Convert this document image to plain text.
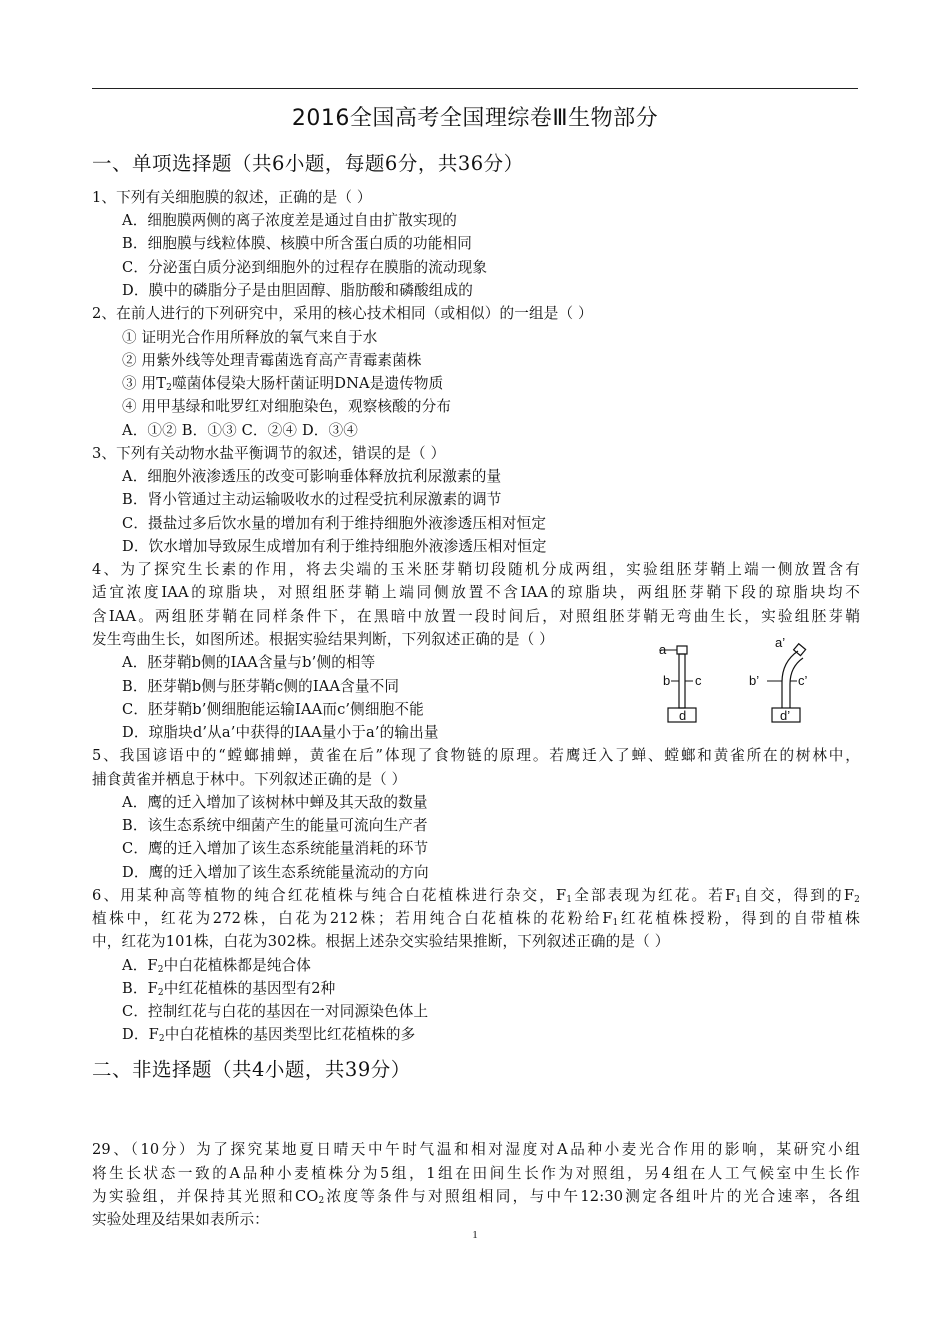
2016全国高考全国理综卷Ⅲ生物部分
一、单项选择题（共6小题，每题6分，共36分）
1、下列有关细胞膜的叙述，正确的是（ ）
A．细胞膜两侧的离子浓度差是通过自由扩散实现的
B．细胞膜与线粒体膜、核膜中所含蛋白质的功能相同
C．分泌蛋白质分泌到细胞外的过程存在膜脂的流动现象
D．膜中的磷脂分子是由胆固醇、脂肪酸和磷酸组成的
2、在前人进行的下列研究中，采用的核心技术相同（或相似）的一组是（ ）
① 证明光合作用所释放的氧气来自于水
② 用紫外线等处理青霉菌选育高产青霉素菌株
③ 用$T_2$噬菌体侵染大肠杆菌证明DNA是遗传物质
④ 用甲基绿和吡罗红对细胞染色，观察核酸的分布
A．①② B．①③ C．②④ D．③④
3、下列有关动物水盐平衡调节的叙述，错误的是（ ）
A．细胞外液渗透压的改变可影响垂体释放抗利尿激素的量
B．肾小管通过主动运输吸收水的过程受抗利尿激素的调节
C．摄盐过多后饮水量的增加有利于维持细胞外液渗透压相对恒定
D．饮水增加导致尿生成增加有利于维持细胞外液渗透压相对恒定
4、为了探究生长素的作用，将去尖端的玉米胚芽鞘切段随机分成两组，实验组胚芽鞘上端一侧放置含有
适宜浓度IAA的琼脂块，对照组胚芽鞘上端同侧放置不含IAA的琼脂块，两组胚芽鞘下段的琼脂块均不
含IAA。两组胚芽鞘在同样条件下，在黑暗中放置一段时间后，对照组胚芽鞘无弯曲生长，实验组胚芽鞘
发生弯曲生长，如图所述。根据实验结果判断，下列叙述正确的是（ ）
A．胚芽鞘b侧的IAA含量与b’侧的相等
B．胚芽鞘b侧与胚芽鞘c侧的IAA含量不同
C．胚芽鞘b’侧细胞能运输IAA而c’侧细胞不能
D．琼脂块d’从a’中获得的IAA量小于a’的输出量
a
b c
d
a’
b’	c’
d’
5、我国谚语中的“螳螂捕蝉，黄雀在后”体现了食物链的原理。若鹰迁入了蝉、螳螂和黄雀所在的树林中，
捕食黄雀并栖息于林中。下列叙述正确的是（ ）
A．鹰的迁入增加了该树林中蝉及其天敌的数量
B．该生态系统中细菌产生的能量可流向生产者
C．鹰的迁入增加了该生态系统能量消耗的环节
D．鹰的迁入增加了该生态系统能量流动的方向
6、用某种高等植物的纯合红花植株与纯合白花植株进行杂交，$F_1$全部表现为红花。若$F_1$自交，得到的$F_2$
植株中，红花为272株，白花为212株；若用纯合白花植株的花粉给$F_1$红花植株授粉，得到的自带植株
中，红花为101株，白花为302株。根据上述杂交实验结果推断，下列叙述正确的是（ ）
A．$F_2$中白花植株都是纯合体
B．$F_2$中红花植株的基因型有2种
C．控制红花与白花的基因在一对同源染色体上
D．$F_2$中白花植株的基因类型比红花植株的多
二、非选择题（共4小题，共39分）
29、（10分）为了探究某地夏日晴天中午时气温和相对湿度对A品种小麦光合作用的影响，某研究小组
将生长状态一致的A品种小麦植株分为5组，1组在田间生长作为对照组，另4组在人工气候室中生长作
为实验组，并保持其光照和$CO_2$浓度等条件与对照组相同，与中午12:30测定各组叶片的光合速率，各组
实验处理及结果如表所示：
1
